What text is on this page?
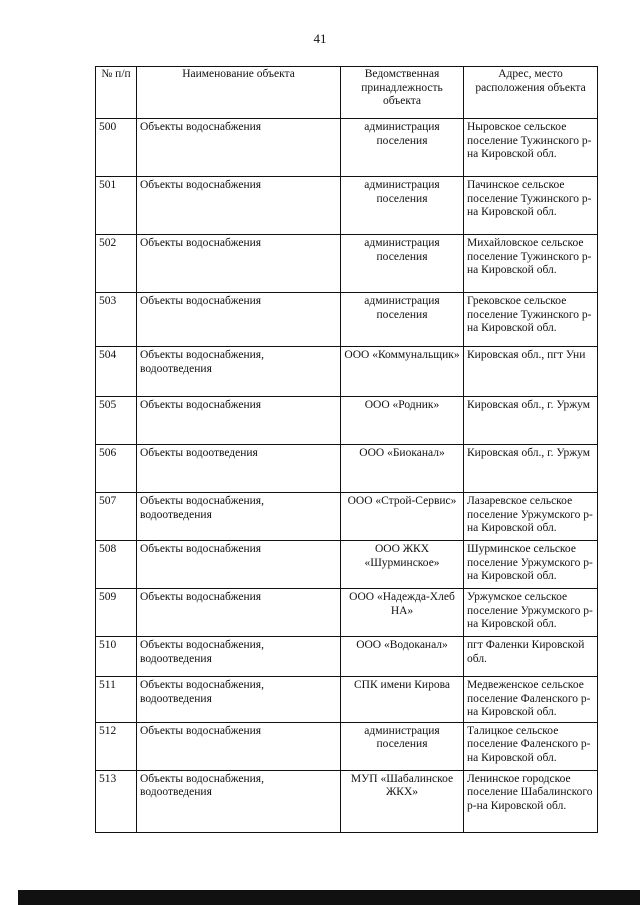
41
№ п/п	Наименование объекта	Ведомственная принадлежность объекта	Адрес, место расположения объекта
500	Объекты водоснабжения	администрация поселения	Ныровское сельское поселение Тужинского р-на Кировской обл.
501	Объекты водоснабжения	администрация поселения	Пачинское сельское поселение Тужинского р-на Кировской обл.
502	Объекты водоснабжения	администрация поселения	Михайловское сельское поселение Тужинского р-на Кировской обл.
503	Объекты водоснабжения	администрация поселения	Грековское сельское поселение Тужинского р-на Кировской обл.
504	Объекты водоснабжения, водоотведения	ООО «Коммунальщик»	Кировская обл., пгт Уни
505	Объекты водоснабжения	ООО «Родник»	Кировская обл., г. Уржум
506	Объекты водоотведения	ООО «Биоканал»	Кировская обл., г. Уржум
507	Объекты водоснабжения, водоотведения	ООО «Строй-Сервис»	Лазаревское сельское поселение Уржумского р-на Кировской обл.
508	Объекты водоснабжения	ООО ЖКХ «Шурминское»	Шурминское сельское поселение Уржумского р-на Кировской обл.
509	Объекты водоснабжения	ООО «Надежда-Хлеб НА»	Уржумское сельское поселение Уржумского р-на Кировской обл.
510	Объекты водоснабжения, водоотведения	ООО «Водоканал»	пгт Фаленки Кировской обл.
511	Объекты водоснабжения, водоотведения	СПК имени Кирова	Медвеженское сельское поселение Фаленского р-на Кировской обл.
512	Объекты водоснабжения	администрация поселения	Талицкое сельское поселение Фаленского р-на Кировской обл.
513	Объекты водоснабжения, водоотведения	МУП «Шабалинское ЖКХ»	Ленинское городское поселение Шабалинского р-на Кировской обл.
